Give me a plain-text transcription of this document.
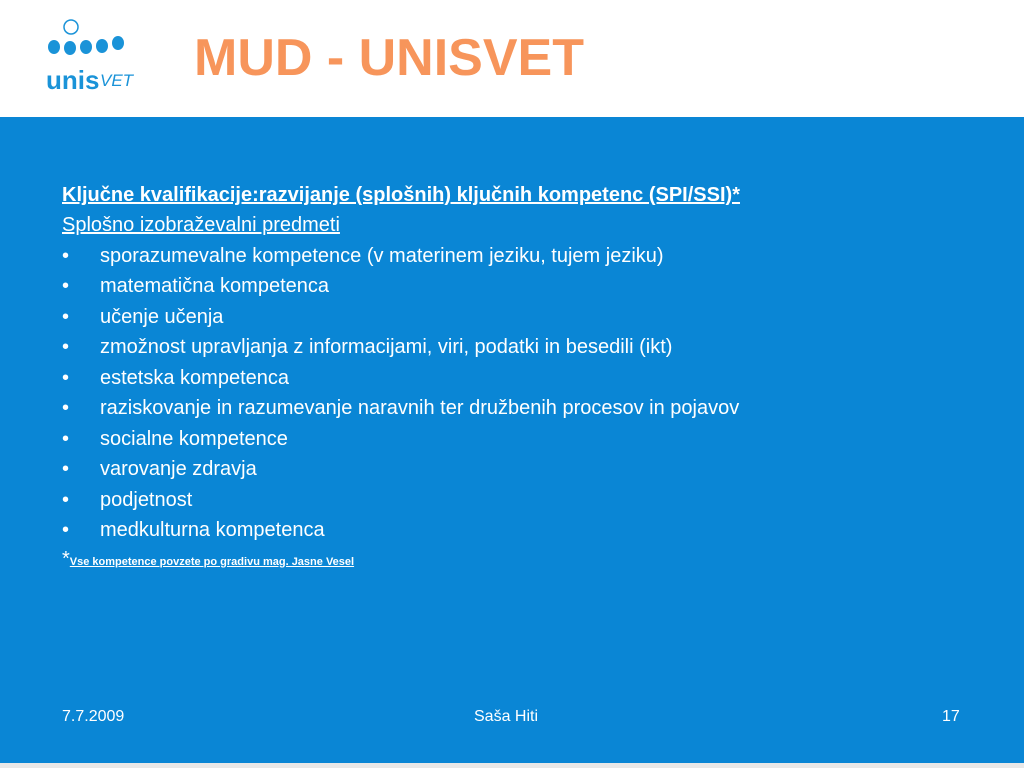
unis VET MUD - UNISVET
Ključne kvalifikacije:razvijanje (splošnih) ključnih kompetenc (SPI/SSI)*
Splošno izobraževalni predmeti
• sporazumevalne kompetence (v materinem jeziku, tujem jeziku)
• matematična kompetenca
• učenje učenja
• zmožnost upravljanja z informacijami, viri, podatki in besedili (ikt)
• estetska kompetenca
• raziskovanje in razumevanje naravnih ter družbenih procesov in pojavov
• socialne kompetence
• varovanje zdravja
• podjetnost
• medkulturna kompetenca
*Vse kompetence povzete po gradivu mag. Jasne Vesel
7.7.2009	Saša Hiti	17
